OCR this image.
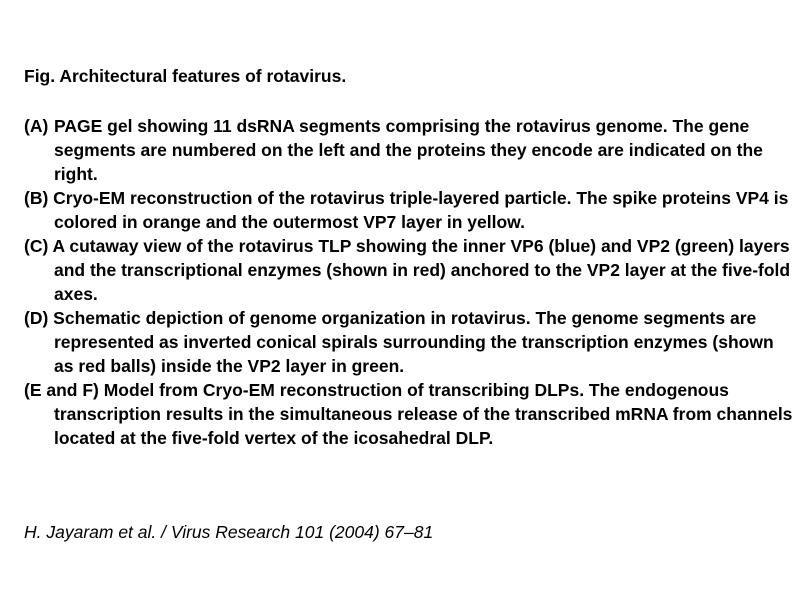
Fig. Architectural features of rotavirus.
(A) PAGE gel showing 11 dsRNA segments comprising the rotavirus genome. The gene segments are numbered on the left and the proteins they encode are indicated on the right.
(B) Cryo-EM reconstruction of the rotavirus triple-layered particle. The spike proteins VP4 is colored in orange and the outermost VP7 layer in yellow.
(C) A cutaway view of the rotavirus TLP showing the inner VP6 (blue) and VP2 (green) layers and the transcriptional enzymes (shown in red) anchored to the VP2 layer at the five-fold axes.
(D) Schematic depiction of genome organization in rotavirus. The genome segments are represented as inverted conical spirals surrounding the transcription enzymes (shown as red balls) inside the VP2 layer in green.
(E and F) Model from Cryo-EM reconstruction of transcribing DLPs. The endogenous transcription results in the simultaneous release of the transcribed mRNA from channels located at the five-fold vertex of the icosahedral DLP.
H. Jayaram et al. / Virus Research 101 (2004) 67–81
